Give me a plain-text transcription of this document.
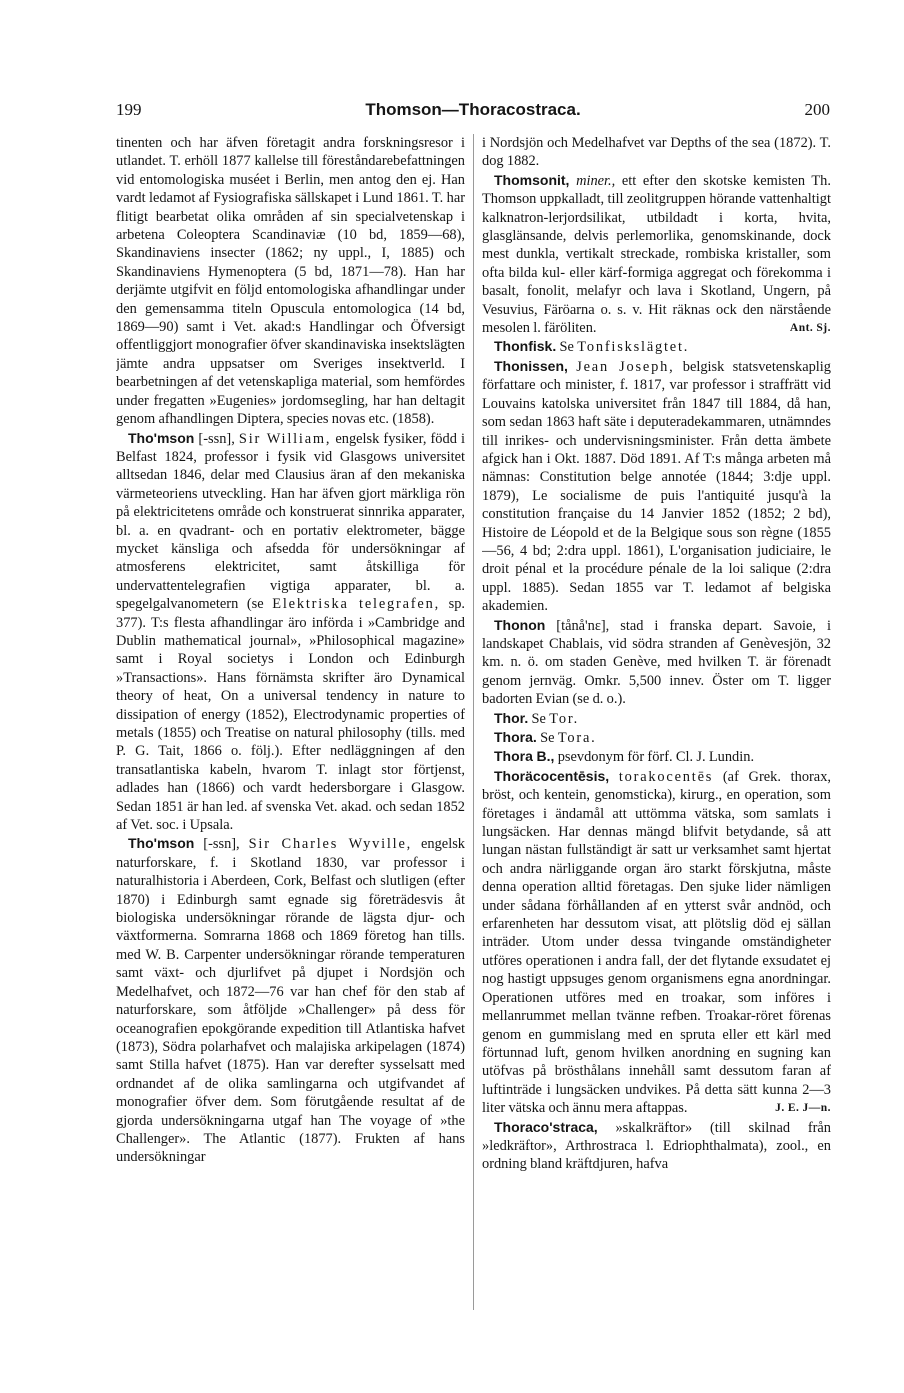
199	Thomson—Thoracostraca.	200

tinenten och har äfven företagit andra forskningsresor i utlandet. T. erhöll 1877 kallelse till föreståndarebefattningen vid entomologiska muséet i Berlin, men antog den ej. Han vardt ledamot af Fysiografiska sällskapet i Lund 1861. T. har flitigt bearbetat olika områden af sin specialvetenskap i arbetena Coleoptera Scandinaviæ (10 bd, 1859—68), Skandinaviens insecter (1862; ny uppl., I, 1885) och Skandinaviens Hymenoptera (5 bd, 1871—78). Han har derjämte utgifvit en följd entomologiska afhandlingar under den gemensamma titeln Opuscula entomologica (14 bd, 1869—90) samt i Vet. akad:s Handlingar och Öfversigt offentliggjort monografier öfver skandinaviska insektslägten jämte andra uppsatser om Sveriges insektverld. I bearbetningen af det vetenskapliga material, som hemfördes under fregatten »Eugenies» jordomsegling, har han deltagit genom afhandlingen Diptera, species novas etc. (1858).

Tho'mson [-ssn], Sir William, engelsk fysiker, född i Belfast 1824, professor i fysik vid Glasgows universitet alltsedan 1846, delar med Clausius äran af den mekaniska värmeteoriens utveckling. Han har äfven gjort märkliga rön på elektricitetens område och konstruerat sinnrika apparater, bl. a. en qvadrant- och en portativ elektrometer, bägge mycket känsliga och afsedda för undersökningar af atmosferens elektricitet, samt åtskilliga för undervattentelegrafien vigtiga apparater, bl. a. spegelgalvanometern (se Elektriska telegrafen, sp. 377). T:s flesta afhandlingar äro införda i »Cambridge and Dublin mathematical journal», »Philosophical magazine» samt i Royal societys i London och Edinburgh »Transactions». Hans förnämsta skrifter äro Dynamical theory of heat, On a universal tendency in nature to dissipation of energy (1852), Electrodynamic properties of metals (1855) och Treatise on natural philosophy (tills. med P. G. Tait, 1866 o. följ.). Efter nedläggningen af den transatlantiska kabeln, hvarom T. inlagt stor förtjenst, adlades han (1866) och vardt hedersborgare i Glasgow. Sedan 1851 är han led. af svenska Vet. akad. och sedan 1852 af Vet. soc. i Upsala.

Tho'mson [-ssn], Sir Charles Wyville, engelsk naturforskare, f. i Skotland 1830, var professor i naturalhistoria i Aberdeen, Cork, Belfast och slutligen (efter 1870) i Edinburgh samt egnade sig företrädesvis åt biologiska undersökningar rörande de lägsta djur- och växtformerna. Somrarna 1868 och 1869 företog han tills. med W. B. Carpenter undersökningar rörande temperaturen samt växt- och djurlifvet på djupet i Nordsjön och Medelhafvet, och 1872—76 var han chef för den stab af naturforskare, som åtföljde »Challenger» på dess för oceanografien epokgörande expedition till Atlantiska hafvet (1873), Södra polarhafvet och malajiska arkipelagen (1874) samt Stilla hafvet (1875). Han var derefter sysselsatt med ordnandet af de olika samlingarna och utgifvandet af monografier öfver dem. Som förutgående resultat af de gjorda undersökningarna utgaf han The voyage of »the Challenger». The Atlantic (1877). Frukten af hans undersökningar

i Nordsjön och Medelhafvet var Depths of the sea (1872). T. dog 1882.

Thomsonit, miner., ett efter den skotske kemisten Th. Thomson uppkalladt, till zeolitgruppen hörande vattenhaltigt kalknatron-lerjordsilikat, utbildadt i korta, hvita, glasglänsande, delvis perlemorlika, genomskinande, dock mest dunkla, vertikalt streckade, rombiska kristaller, som ofta bilda kul- eller kärf-formiga aggregat och förekomma i basalt, fonolit, melafyr och lava i Skotland, Ungern, på Vesuvius, Färöarna o. s. v. Hit räknas ock den närstående mesolen l. färöliten.	Ant. Sj.

Thonfisk. Se Tonfiskslägtet.

Thonissen, Jean Joseph, belgisk statsvetenskaplig författare och minister, f. 1817, var professor i straffrätt vid Louvains katolska universitet från 1847 till 1884, då han, som sedan 1863 haft säte i deputeradekammaren, utnämndes till inrikes- och undervisningsminister. Från detta ämbete afgick han i Okt. 1887. Död 1891. Af T:s många arbeten må nämnas: Constitution belge annotée (1844; 3:dje uppl. 1879), Le socialisme de puis l'antiquité jusqu'à la constitution française du 14 Janvier 1852 (1852; 2 bd), Histoire de Léopold et de la Belgique sous son règne (1855—56, 4 bd; 2:dra uppl. 1861), L'organisation judiciaire, le droit pénal et la procédure pénale de la loi salique (2:dra uppl. 1885). Sedan 1855 var T. ledamot af belgiska akademien.

Thonon [tånå'nɛ], stad i franska depart. Savoie, i landskapet Chablais, vid södra stranden af Genèvesjön, 32 km. n. ö. om staden Genève, med hvilken T. är förenadt genom jernväg. Omkr. 5,500 innev. Öster om T. ligger badorten Evian (se d. o.).

Thor. Se Tor.

Thora. Se Tora.

Thora B., psevdonym för förf. Cl. J. Lundin.

Thoräcocentēsis, torakocentēs (af Grek. thorax, bröst, och kentein, genomsticka), kirurg., en operation, som företages i ändamål att uttömma vätska, som samlats i lungsäcken. Har dennas mängd blifvit betydande, så att lungan nästan fullständigt är satt ur verksamhet samt hjertat och andra närliggande organ äro starkt förskjutna, måste denna operation alltid företagas. Den sjuke lider nämligen under sådana förhållanden af en ytterst svår andnöd, och erfarenheten har dessutom visat, att plötslig död ej sällan inträder. Utom under dessa tvingande omständigheter utföres operationen i andra fall, der det flytande exsudatet ej nog hastigt uppsuges genom organismens egna anordningar. Operationen utföres med en troakar, som införes i mellanrummet mellan tvänne refben. Troakar-röret förenas genom en gummislang med en spruta eller ett kärl med förtunnad luft, genom hvilken anordning en sugning kan utöfvas på brösthålans innehåll samt dessutom faran af luftinträde i lungsäcken undvikes. På detta sätt kunna 2—3 liter vätska och ännu mera aftappas.	J. E. J—n.

Thoraco'straca, »skalkräftor» (till skilnad från »ledkräftor», Arthrostraca l. Edriophthalmata), zool., en ordning bland kräftdjuren, hafva
